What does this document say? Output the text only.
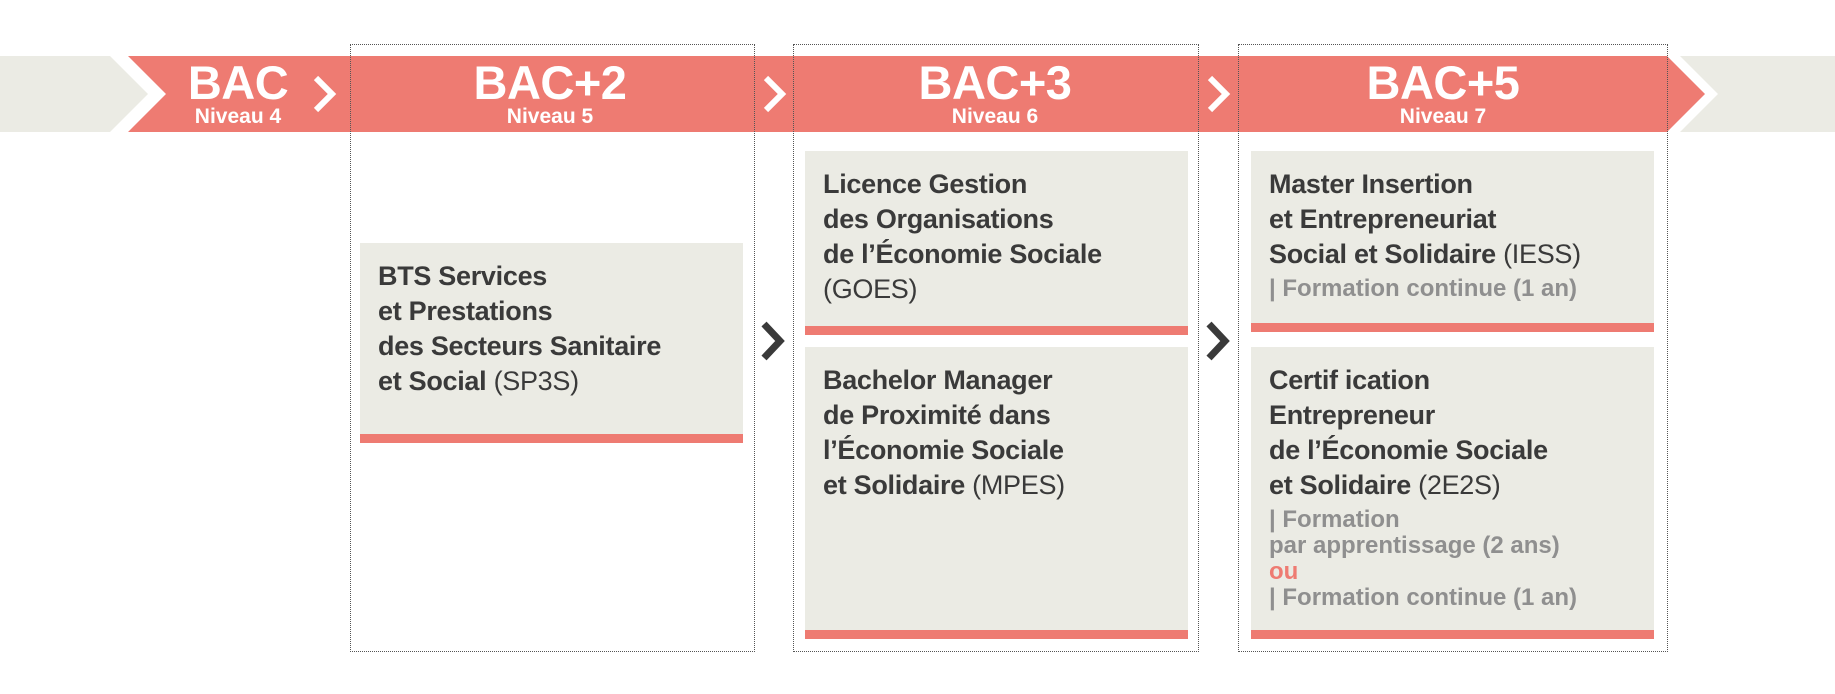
BAC
Niveau 4
BAC+2
Niveau 5
BAC+3
Niveau 6
BAC+5
Niveau 7
BTS Services
et Prestations
des Secteurs Sanitaire
et Social (SP3S)
Licence Gestion
des Organisations
de l’Économie Sociale
(GOES)
Bachelor Manager
de Proximité dans
l’Économie Sociale
et Solidaire (MPES)
Master Insertion
et Entrepreneuriat
Social et Solidaire (IESS)
| Formation continue (1 an)
Certif ication
Entrepreneur
de l’Économie Sociale
et Solidaire (2E2S)
| Formation
par apprentissage (2 ans)
ou
| Formation continue (1 an)
